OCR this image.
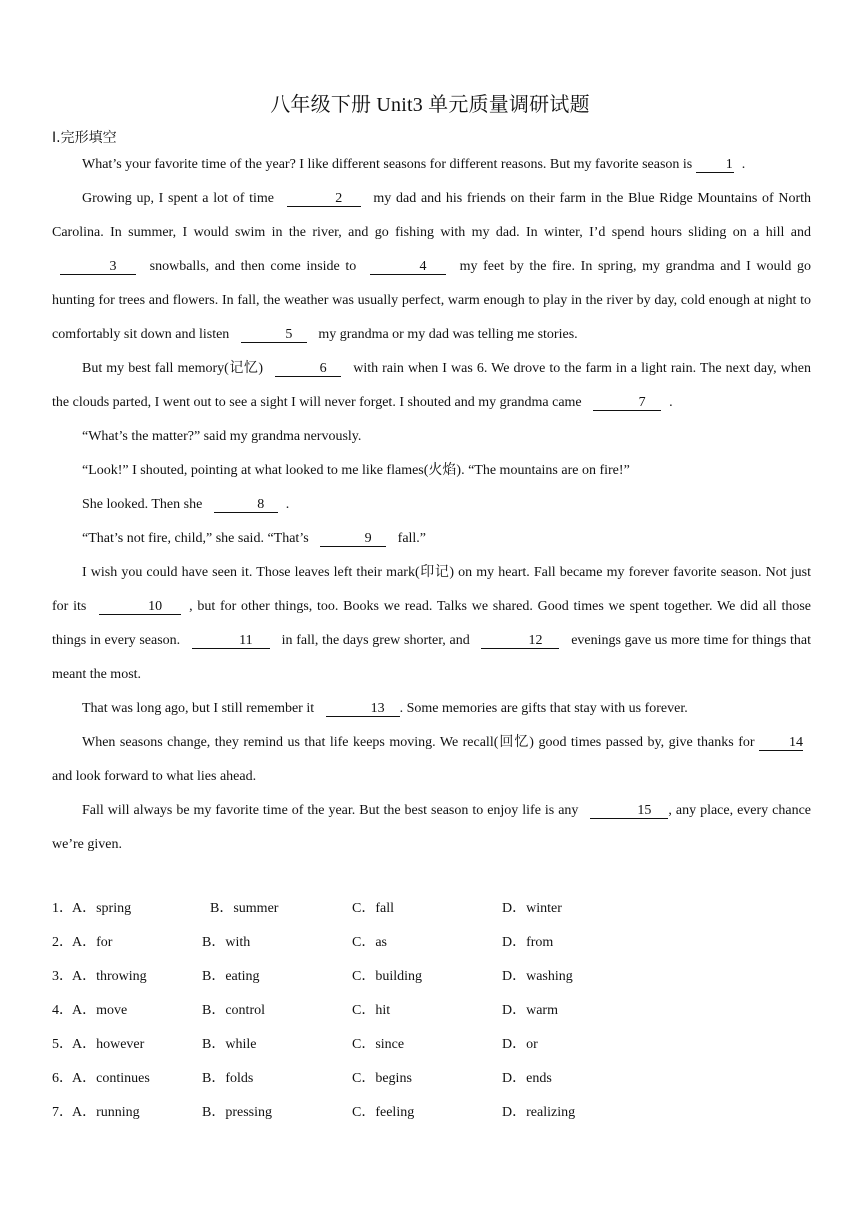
八年级下册 Unit3 单元质量调研试题
I.完形填空

What’s your favorite time of the year? I like different seasons for different reasons. But my favorite season is 1 .

Growing up, I spent a lot of time	2 my dad and his friends on their farm in the Blue Ridge Mountains of North Carolina. In summer, I would swim in the river, and go fishing with my dad. In winter, I’d spend hours sliding on a hill and 3 snowballs, and then come inside to	4 my feet by the fire. In spring, my grandma and I would go hunting for trees and flowers. In fall, the weather was usually perfect, warm enough to play in the river by day, cold enough at night to comfortably sit down and listen	5 my grandma or my dad was telling me stories.

But my best fall memory(记忆)	6 with rain when I was 6. We drove to the farm in a light rain. The next day, when the clouds parted, I went out to see a sight I will never forget. I shouted and my grandma came	7 .

“What’s the matter?” said my grandma nervously.

“Look!” I shouted, pointing at what looked to me like flames(火焰). “The mountains are on fire!”

She looked. Then she	8 .

“That’s not fire, child,” she said. “That’s	9 fall.”

I wish you could have seen it. Those leaves left their mark(印记) on my heart. Fall became my forever favorite season. Not just for its	10 , but for other things, too. Books we read. Talks we shared. Good times we spent together. We did all those things in every season.	11 in fall, the days grew shorter, and	12 evenings gave us more time for things that meant the most.

That was long ago, but I still remember it	13 . Some memories are gifts that stay with us forever.

When seasons change, they remind us that life keeps moving. We recall(回忆) good times passed by, give thanks for 14 and look forward to what lies ahead.

Fall will always be my favorite time of the year. But the best season to enjoy life is any	15 , any place, every chance we’re given.

1． A．spring	B．summer	C．fall	D．winter
2． A．for	B．with	C．as	D．from
3． A．throwing	B．eating	C．building	D．washing
4． A．move	B．control	C．hit	D．warm
5． A．however	B．while	C．since	D．or
6． A．continues	B．folds	C．begins	D．ends
7． A．running	B．pressing	C．feeling	D．realizing
